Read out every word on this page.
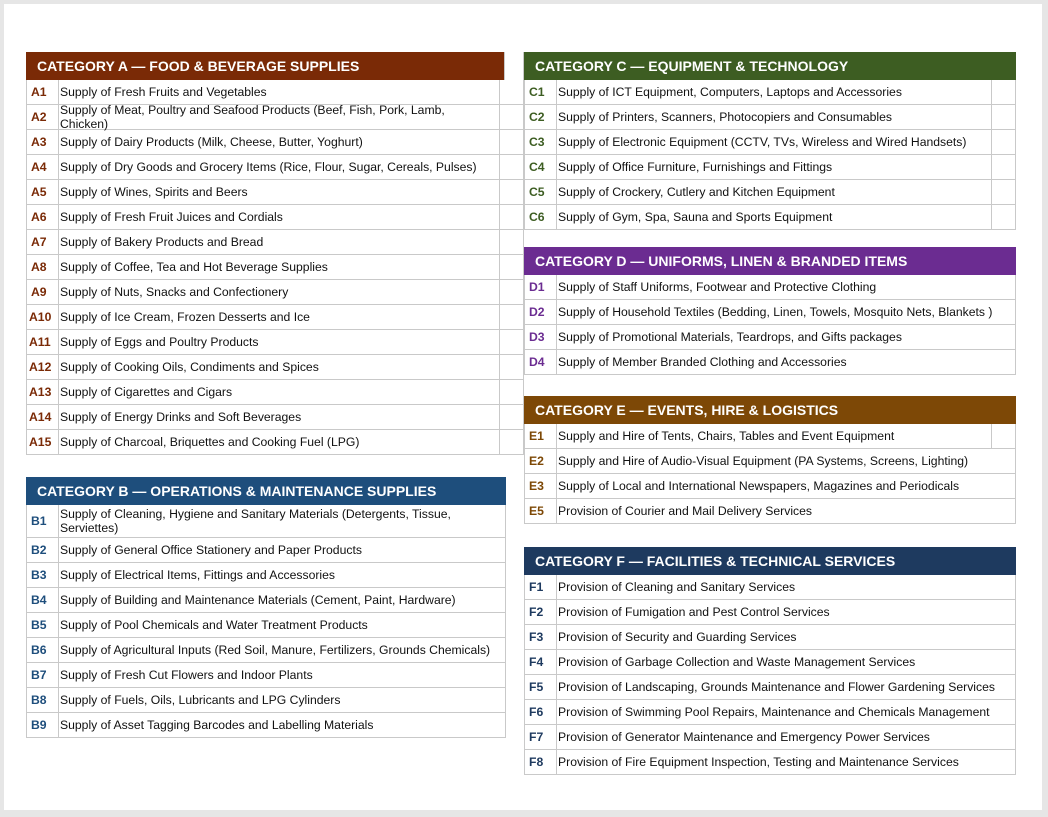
CATEGORY A — FOOD & BEVERAGE SUPPLIES
A1	Supply of Fresh Fruits and Vegetables
A2	Supply of Meat, Poultry and Seafood Products (Beef, Fish, Pork, Lamb, Chicken)
A3	Supply of Dairy Products (Milk, Cheese, Butter, Yoghurt)
A4	Supply of Dry Goods and Grocery Items (Rice, Flour, Sugar, Cereals, Pulses)
A5	Supply of Wines, Spirits and Beers
A6	Supply of Fresh Fruit Juices and Cordials
A7	Supply of Bakery Products and Bread
A8	Supply of Coffee, Tea and Hot Beverage Supplies
A9	Supply of Nuts, Snacks and Confectionery
A10 Supply of Ice Cream, Frozen Desserts and Ice
A11 Supply of Eggs and Poultry Products
A12 Supply of Cooking Oils, Condiments and Spices
A13 Supply of Cigarettes and Cigars
A14 Supply of Energy Drinks and Soft Beverages
A15 Supply of Charcoal, Briquettes and Cooking Fuel (LPG)
CATEGORY B — OPERATIONS & MAINTENANCE SUPPLIES
B1	Supply of Cleaning, Hygiene and Sanitary Materials (Detergents, Tissue, Serviettes)
B2	Supply of General Office Stationery and Paper Products
B3	Supply of Electrical Items, Fittings and Accessories
B4	Supply of Building and Maintenance Materials (Cement, Paint, Hardware)
B5	Supply of Pool Chemicals and Water Treatment Products
B6	Supply of Agricultural Inputs (Red Soil, Manure, Fertilizers, Grounds Chemicals)
B7	Supply of Fresh Cut Flowers and Indoor Plants
B8	Supply of Fuels, Oils, Lubricants and LPG Cylinders
B9	Supply of Asset Tagging Barcodes and Labelling Materials
CATEGORY C — EQUIPMENT & TECHNOLOGY
C1	Supply of ICT Equipment, Computers, Laptops and Accessories
C2	Supply of Printers, Scanners, Photocopiers and Consumables
C3	Supply of Electronic Equipment (CCTV, TVs, Wireless and Wired Handsets)
C4	Supply of Office Furniture, Furnishings and Fittings
C5	Supply of Crockery, Cutlery and Kitchen Equipment
C6	Supply of Gym, Spa, Sauna and Sports Equipment
CATEGORY D — UNIFORMS, LINEN & BRANDED ITEMS
D1	Supply of Staff Uniforms, Footwear and Protective Clothing
D2	Supply of Household Textiles (Bedding, Linen, Towels, Mosquito Nets, Blankets )
D3	Supply of Promotional Materials, Teardrops, and Gifts packages
D4	Supply of Member Branded Clothing and Accessories
CATEGORY E — EVENTS, HIRE & LOGISTICS
E1	Supply and Hire of Tents, Chairs, Tables and Event Equipment
E2	Supply and Hire of Audio-Visual Equipment (PA Systems, Screens, Lighting)
E3	Supply of Local and International Newspapers, Magazines and Periodicals
E5	Provision of Courier and Mail Delivery Services
CATEGORY F — FACILITIES & TECHNICAL SERVICES
F1	Provision of Cleaning and Sanitary Services
F2	Provision of Fumigation and Pest Control Services
F3	Provision of Security and Guarding Services
F4	Provision of Garbage Collection and Waste Management Services
F5	Provision of Landscaping, Grounds Maintenance and Flower Gardening Services
F6	Provision of Swimming Pool Repairs, Maintenance and Chemicals Management
F7	Provision of Generator Maintenance and Emergency Power Services
F8	Provision of Fire Equipment Inspection, Testing and Maintenance Services
